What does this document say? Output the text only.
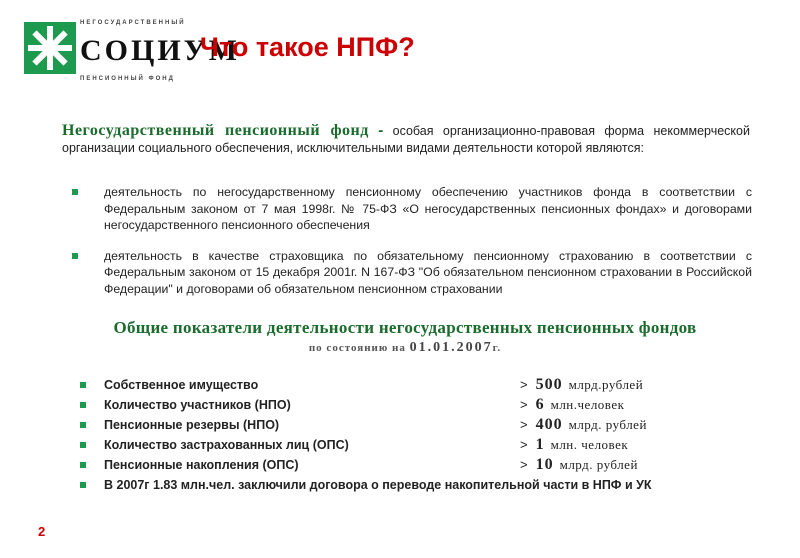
НЕГОСУДАРСТВЕННЫЙ
СОЦИУМ
ПЕНСИОННЫЙ ФОНД
Что такое НПФ?
Негосударственный пенсионный фонд - особая организационно-правовая форма некоммерческой организации социального обеспечения, исключительными видами деятельности которой являются:
деятельность по негосударственному пенсионному обеспечению участников фонда в соответствии с Федеральным законом от 7 мая 1998г. № 75-ФЗ «О негосударственных пенсионных фондах» и договорами негосударственного пенсионного обеспечения
деятельность в качестве страховщика по обязательному пенсионному страхованию в соответствии с Федеральным законом от 15 декабря 2001г. N 167-ФЗ "Об обязательном пенсионном страховании в Российской Федерации" и договорами об обязательном пенсионном страховании
Общие показатели деятельности негосударственных пенсионных фондов
по состоянию на 01.01.2007г.
Собственное имущество	> 500 млрд.рублей
Количество участников (НПО)	> 6 млн.человек
Пенсионные резервы (НПО)	> 400 млрд. рублей
Количество застрахованных лиц (ОПС)	> 1 млн. человек
Пенсионные накопления (ОПС)	> 10 млрд. рублей
В 2007г 1.83 млн.чел. заключили договора о переводе накопительной части в НПФ и УК
2
